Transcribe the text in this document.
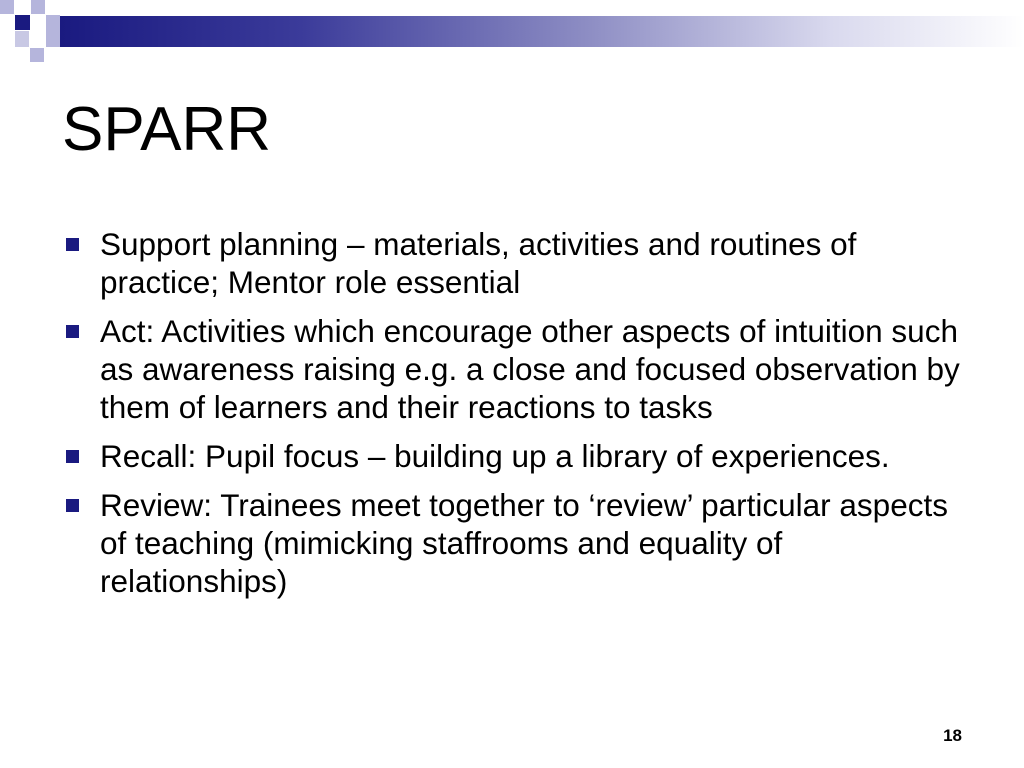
SPARR
Support planning – materials, activities and routines of practice; Mentor role essential
Act: Activities which encourage other aspects of intuition such as awareness raising e.g. a close and focused observation by them of learners and their reactions to tasks
Recall: Pupil focus – building up a library of experiences.
Review: Trainees meet together to ‘review’ particular aspects of teaching (mimicking staffrooms and equality of relationships)
18
